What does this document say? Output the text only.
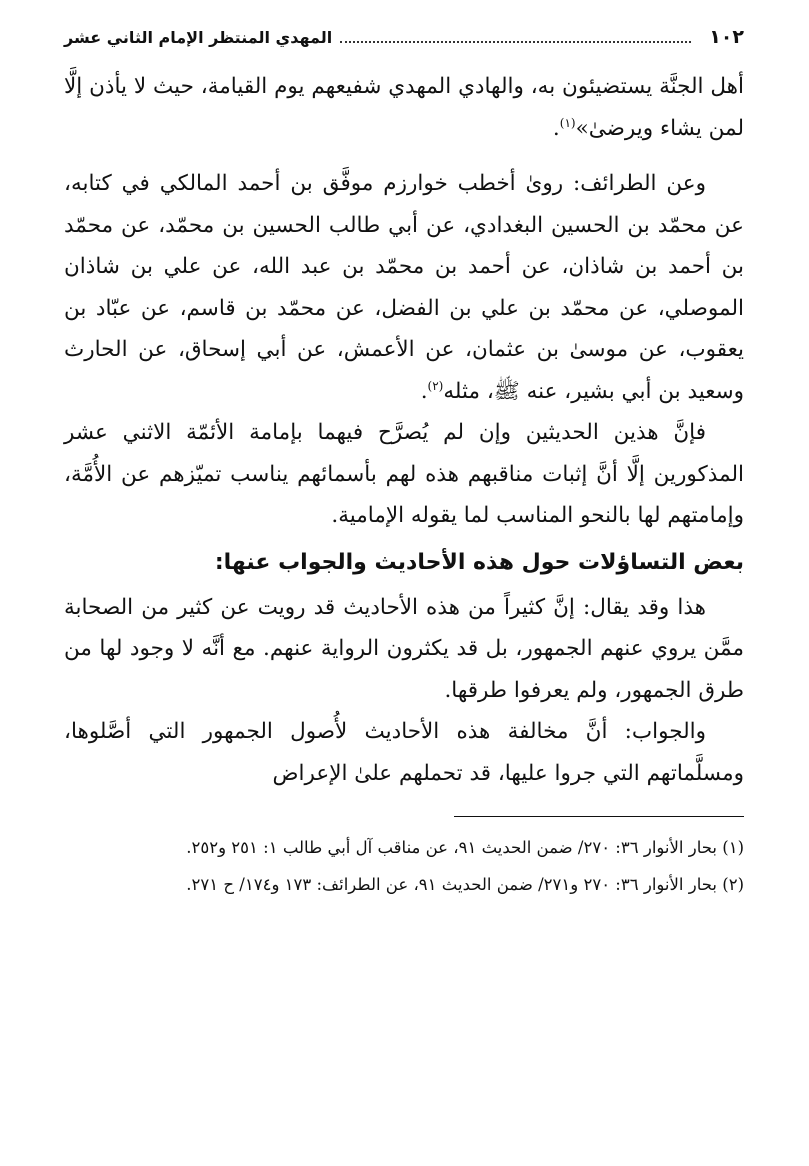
١٠٢
المهدي المنتظر الإمام الثاني عشر

أهل الجنَّة يستضيئون به، والهادي المهدي شفيعهم يوم القيامة، حيث لا يأذن إلَّا لمن يشاء ويرضىٰ»$^{(١)}$.

وعن الطرائف: روىٰ أخطب خوارزم موفَّق بن أحمد المالكي في كتابه، عن محمّد بن الحسين البغدادي، عن أبي طالب الحسين بن محمّد، عن محمّد بن أحمد بن شاذان، عن أحمد بن محمّد بن عبد الله، عن علي بن شاذان الموصلي، عن محمّد بن علي بن الفضل، عن محمّد بن قاسم، عن عبّاد بن يعقوب، عن موسىٰ بن عثمان، عن الأعمش، عن أبي إسحاق، عن الحارث وسعيد بن أبي بشير، عنه ﷺ، مثله$^{(٢)}$.

فإنَّ هذين الحديثين وإن لم يُصرَّح فيهما بإمامة الأئمّة الاثني عشر المذكورين إلَّا أنَّ إثبات مناقبهم هذه لهم بأسمائهم يناسب تميّزهم عن الأُمَّة، وإمامتهم لها بالنحو المناسب لما يقوله الإمامية.

بعض التساؤلات حول هذه الأحاديث والجواب عنها:

هذا وقد يقال: إنَّ كثيراً من هذه الأحاديث قد رويت عن كثير من الصحابة ممَّن يروي عنهم الجمهور، بل قد يكثرون الرواية عنهم. مع أنَّه لا وجود لها من طرق الجمهور، ولم يعرفوا طرقها.

والجواب: أنَّ مخالفة هذه الأحاديث لأُصول الجمهور التي أصَّلوها، ومسلَّماتهم التي جروا عليها، قد تحملهم علىٰ الإعراض

(١) بحار الأنوار ٣٦: ٢٧٠/ ضمن الحديث ٩١، عن مناقب آل أبي طالب ١: ٢٥١ و٢٥٢.

(٢) بحار الأنوار ٣٦: ٢٧٠ و٢٧١/ ضمن الحديث ٩١، عن الطرائف: ١٧٣ و١٧٤/ ح ٢٧١.
